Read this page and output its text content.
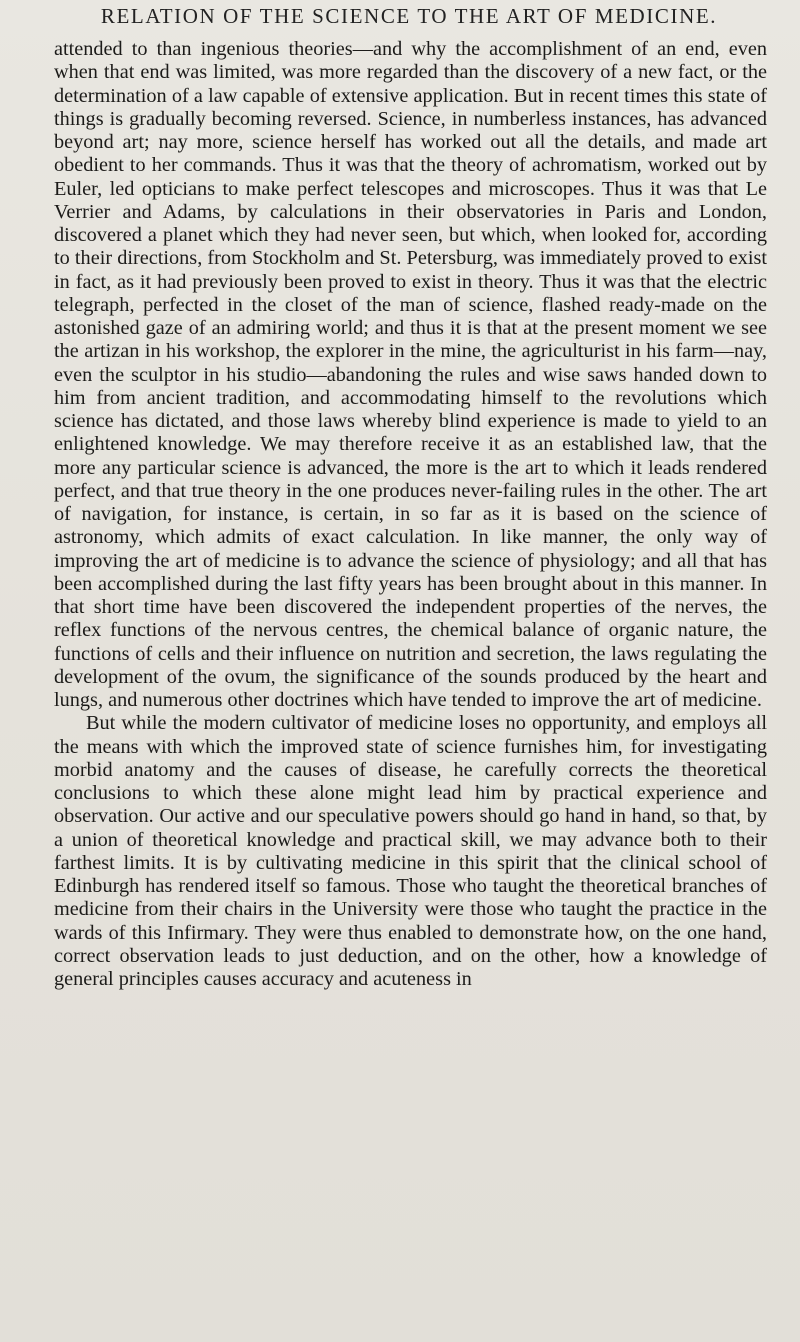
RELATION OF THE SCIENCE TO THE ART OF MEDICINE.

attended to than ingenious theories—and why the accomplishment of an end, even when that end was limited, was more regarded than the discovery of a new fact, or the determination of a law capable of extensive application. But in recent times this state of things is gradually becoming reversed. Science, in numberless instances, has advanced beyond art; nay more, science herself has worked out all the details, and made art obedient to her commands. Thus it was that the theory of achromatism, worked out by Euler, led opticians to make perfect telescopes and microscopes. Thus it was that Le Verrier and Adams, by calculations in their observatories in Paris and London, discovered a planet which they had never seen, but which, when looked for, according to their directions, from Stockholm and St. Petersburg, was immediately proved to exist in fact, as it had previously been proved to exist in theory. Thus it was that the electric telegraph, perfected in the closet of the man of science, flashed ready-made on the astonished gaze of an admiring world; and thus it is that at the present moment we see the artizan in his workshop, the explorer in the mine, the agriculturist in his farm—nay, even the sculptor in his studio—abandoning the rules and wise saws handed down to him from ancient tradition, and accommodating himself to the revolutions which science has dictated, and those laws whereby blind experience is made to yield to an enlightened knowledge. We may therefore receive it as an established law, that the more any particular science is advanced, the more is the art to which it leads rendered perfect, and that true theory in the one produces never-failing rules in the other. The art of navigation, for instance, is certain, in so far as it is based on the science of astronomy, which admits of exact calculation. In like manner, the only way of improving the art of medicine is to advance the science of physiology; and all that has been accomplished during the last fifty years has been brought about in this manner. In that short time have been discovered the independent properties of the nerves, the reflex functions of the nervous centres, the chemical balance of organic nature, the functions of cells and their influence on nutrition and secretion, the laws regulating the development of the ovum, the significance of the sounds produced by the heart and lungs, and numerous other doctrines which have tended to improve the art of medicine.

But while the modern cultivator of medicine loses no opportunity, and employs all the means with which the improved state of science furnishes him, for investigating morbid anatomy and the causes of disease, he carefully corrects the theoretical conclusions to which these alone might lead him by practical experience and observation. Our active and our speculative powers should go hand in hand, so that, by a union of theoretical knowledge and practical skill, we may advance both to their farthest limits. It is by cultivating medicine in this spirit that the clinical school of Edinburgh has rendered itself so famous. Those who taught the theoretical branches of medicine from their chairs in the University were those who taught the practice in the wards of this Infirmary. They were thus enabled to demonstrate how, on the one hand, correct observation leads to just deduction, and on the other, how a knowledge of general principles causes accuracy and acuteness in
